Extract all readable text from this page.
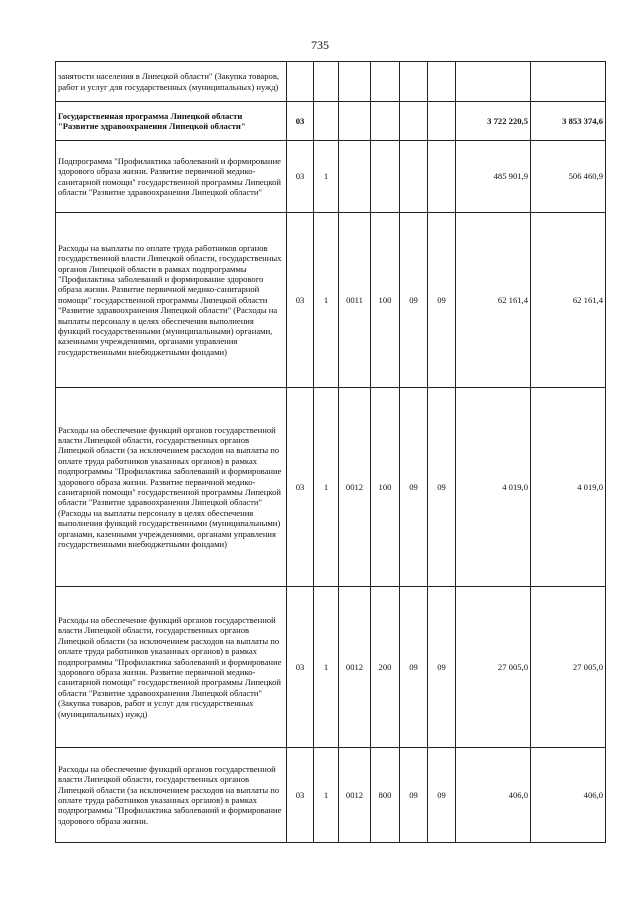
735
занятости населения в Липецкой области" (Закупка товаров, работ и услуг для государственных (муниципальных) нужд)								
Государственная программа Липецкой области "Развитие здравоохранения Липецкой области"	03						3 722 220,5	3 853 374,6
Подпрограмма "Профилактика заболеваний и формирование здорового образа жизни. Развитие первичной медико-санитарной помощи" государственной программы Липецкой области "Развитие здравоохранения Липецкой области"	03	1					485 901,9	506 460,9
Расходы на выплаты по оплате труда работников органов государственной власти Липецкой области, государственных органов Липецкой области в рамках подпрограммы "Профилактика заболеваний и формирование здорового образа жизни. Развитие первичной медико-санитарной помощи" государственной программы Липецкой области "Развитие здравоохранения Липецкой области" (Расходы на выплаты персоналу в целях обеспечения выполнения функций государственными (муниципальными) органами, казенными учреждениями, органами управления государственными внебюджетными фондами)	03	1	0011	100	09	09	62 161,4	62 161,4
Расходы на обеспечение функций органов государственной власти Липецкой области, государственных органов Липецкой области (за исключением расходов на выплаты по оплате труда работников указанных органов) в рамках подпрограммы "Профилактика заболеваний и формирование здорового образа жизни. Развитие первичной медико-санитарной помощи" государственной программы Липецкой области "Развитие здравоохранения Липецкой области" (Расходы на выплаты персоналу в целях обеспечения выполнения функций государственными (муниципальными) органами, казенными учреждениями, органами управления государственными внебюджетными фондами)	03	1	0012	100	09	09	4 019,0	4 019,0
Расходы на обеспечение функций органов государственной власти Липецкой области, государственных органов Липецкой области (за исключением расходов на выплаты по оплате труда работников указанных органов) в рамках подпрограммы "Профилактика заболеваний и формирование здорового образа жизни. Развитие первичной медико-санитарной помощи" государственной программы Липецкой области "Развитие здравоохранения Липецкой области" (Закупка товаров, работ и услуг для государственных (муниципальных) нужд)	03	1	0012	200	09	09	27 005,0	27 005,0
Расходы на обеспечение функций органов государственной власти Липецкой области, государственных органов Липецкой области (за исключением расходов на выплаты по оплате труда работников указанных органов) в рамках подпрограммы "Профилактика заболеваний и формирование здорового образа жизни.	03	1	0012	800	09	09	406,0	406,0
